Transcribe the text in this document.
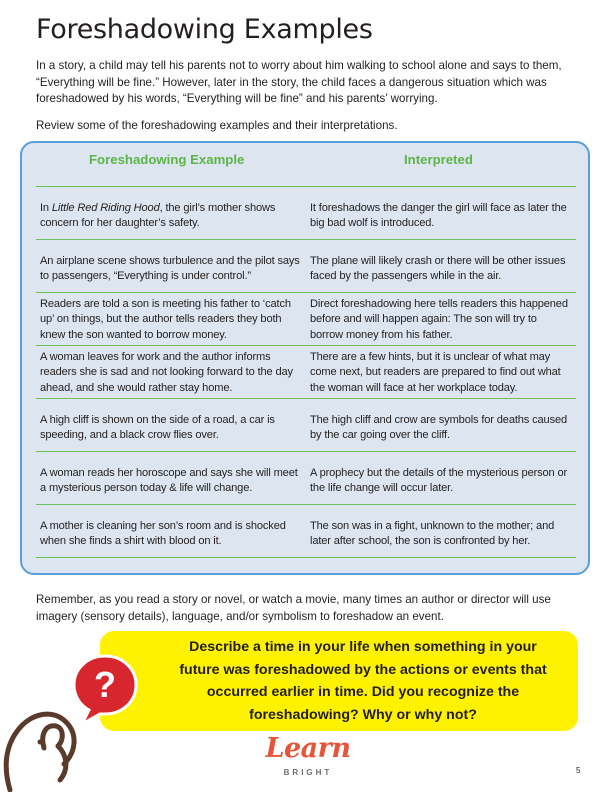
Foreshadowing Examples
In a story, a child may tell his parents not to worry about him walking to school alone and says to them, “Everything will be fine.” However, later in the story, the child faces a dangerous situation which was foreshadowed by his words, “Everything will be fine” and his parents’ worrying.
Review some of the foreshadowing examples and their interpretations.
Foreshadowing Example	Interpreted
In Little Red Riding Hood, the girl’s mother shows concern for her daughter’s safety.
It foreshadows the danger the girl will face as later the big bad wolf is introduced.
An airplane scene shows turbulence and the pilot says to passengers, “Everything is under control.”
The plane will likely crash or there will be other issues faced by the passengers while in the air.
Readers are told a son is meeting his father to ‘catch up’ on things, but the author tells readers they both knew the son wanted to borrow money.
Direct foreshadowing here tells readers this happened before and will happen again: The son will try to borrow money from his father.
A woman leaves for work and the author informs readers she is sad and not looking forward to the day ahead, and she would rather stay home.
There are a few hints, but it is unclear of what may come next, but readers are prepared to find out what the woman will face at her workplace today.
A high cliff is shown on the side of a road, a car is speeding, and a black crow flies over.
The high cliff and crow are symbols for deaths caused by the car going over the cliff.
A woman reads her horoscope and says she will meet a mysterious person today & life will change.
A prophecy but the details of the mysterious person or the life change will occur later.
A mother is cleaning her son’s room and is shocked when she finds a shirt with blood on it.
The son was in a fight, unknown to the mother; and later after school, the son is confronted by her.
Remember, as you read a story or novel, or watch a movie, many times an author or director will use imagery (sensory details), language, and/or symbolism to foreshadow an event.
Describe a time in your life when something in your future was foreshadowed by the actions or events that occurred earlier in time. Did you recognize the foreshadowing? Why or why not?
?
Learn
BRIGHT	5
